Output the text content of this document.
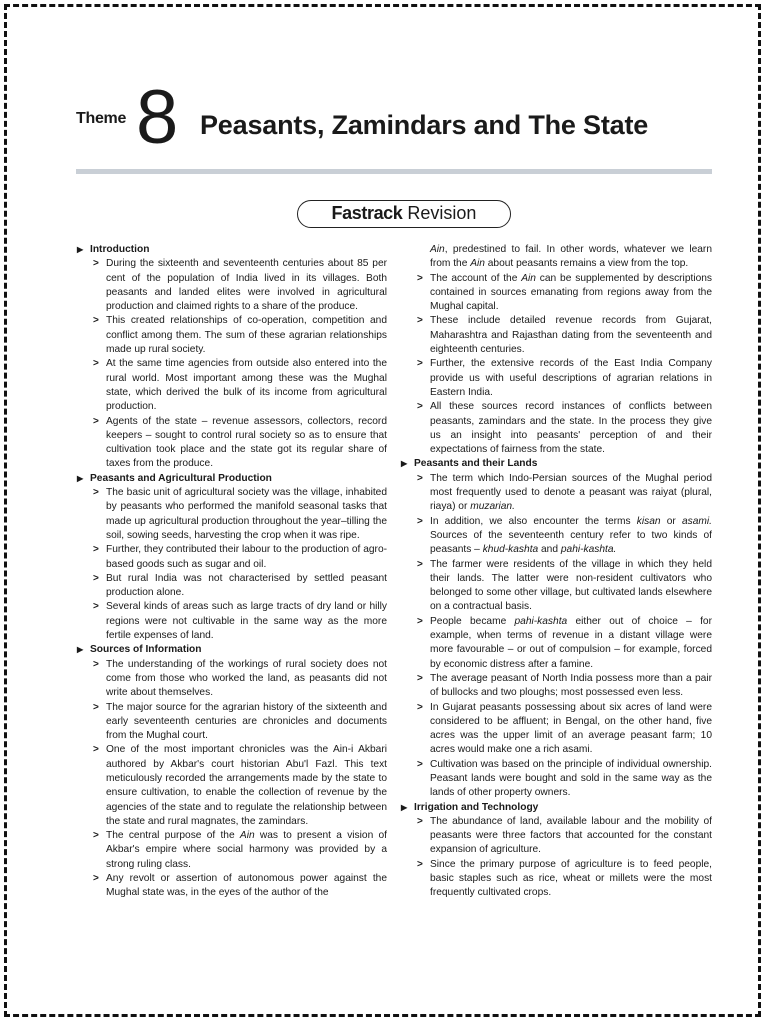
Theme 8 Peasants, Zamindars and The State
Fastrack Revision

▶ Introduction

> During the sixteenth and seventeenth centuries about 85 per cent of the population of India lived in its villages. Both peasants and landed elites were involved in agricultural production and claimed rights to a share of the produce.

> This created relationships of co-operation, competition and conflict among them. The sum of these agrarian relationships made up rural society.

> At the same time agencies from outside also entered into the rural world. Most important among these was the Mughal state, which derived the bulk of its income from agricultural production.

> Agents of the state – revenue assessors, collectors, record keepers – sought to control rural society so as to ensure that cultivation took place and the state got its regular share of taxes from the produce.

▶ Peasants and Agricultural Production

> The basic unit of agricultural society was the village, inhabited by peasants who performed the manifold seasonal tasks that made up agricultural production throughout the year–tilling the soil, sowing seeds, harvesting the crop when it was ripe.

> Further, they contributed their labour to the production of agro-based goods such as sugar and oil.

> But rural India was not characterised by settled peasant production alone.

> Several kinds of areas such as large tracts of dry land or hilly regions were not cultivable in the same way as the more fertile expenses of land.

▶ Sources of Information

> The understanding of the workings of rural society does not come from those who worked the land, as peasants did not write about themselves.

> The major source for the agrarian history of the sixteenth and early seventeenth centuries are chronicles and documents from the Mughal court.

> One of the most important chronicles was the Ain-i Akbari authored by Akbar's court historian Abu'l Fazl. This text meticulously recorded the arrangements made by the state to ensure cultivation, to enable the collection of revenue by the agencies of the state and to regulate the relationship between the state and rural magnates, the zamindars.

> The central purpose of the Ain was to present a vision of Akbar's empire where social harmony was provided by a strong ruling class.

> Any revolt or assertion of autonomous power against the Mughal state was, in the eyes of the author of the

Ain, predestined to fail. In other words, whatever we learn from the Ain about peasants remains a view from the top.

> The account of the Ain can be supplemented by descriptions contained in sources emanating from regions away from the Mughal capital.

> These include detailed revenue records from Gujarat, Maharashtra and Rajasthan dating from the seventeenth and eighteenth centuries.

> Further, the extensive records of the East India Company provide us with useful descriptions of agrarian relations in Eastern India.

> All these sources record instances of conflicts between peasants, zamindars and the state. In the process they give us an insight into peasants' perception of and their expectations of fairness from the state.

▶ Peasants and their Lands

> The term which Indo-Persian sources of the Mughal period most frequently used to denote a peasant was raiyat (plural, riaya) or muzarian.

> In addition, we also encounter the terms kisan or asami. Sources of the seventeenth century refer to two kinds of peasants – khud-kashta and pahi-kashta.

> The farmer were residents of the village in which they held their lands. The latter were non-resident cultivators who belonged to some other village, but cultivated lands elsewhere on a contractual basis.

> People became pahi-kashta either out of choice – for example, when terms of revenue in a distant village were more favourable – or out of compulsion – for example, forced by economic distress after a famine.

> The average peasant of North India possess more than a pair of bullocks and two ploughs; most possessed even less.

> In Gujarat peasants possessing about six acres of land were considered to be affluent; in Bengal, on the other hand, five acres was the upper limit of an average peasant farm; 10 acres would make one a rich asami.

> Cultivation was based on the principle of individual ownership. Peasant lands were bought and sold in the same way as the lands of other property owners.

▶ Irrigation and Technology

> The abundance of land, available labour and the mobility of peasants were three factors that accounted for the constant expansion of agriculture.

> Since the primary purpose of agriculture is to feed people, basic staples such as rice, wheat or millets were the most frequently cultivated crops.
